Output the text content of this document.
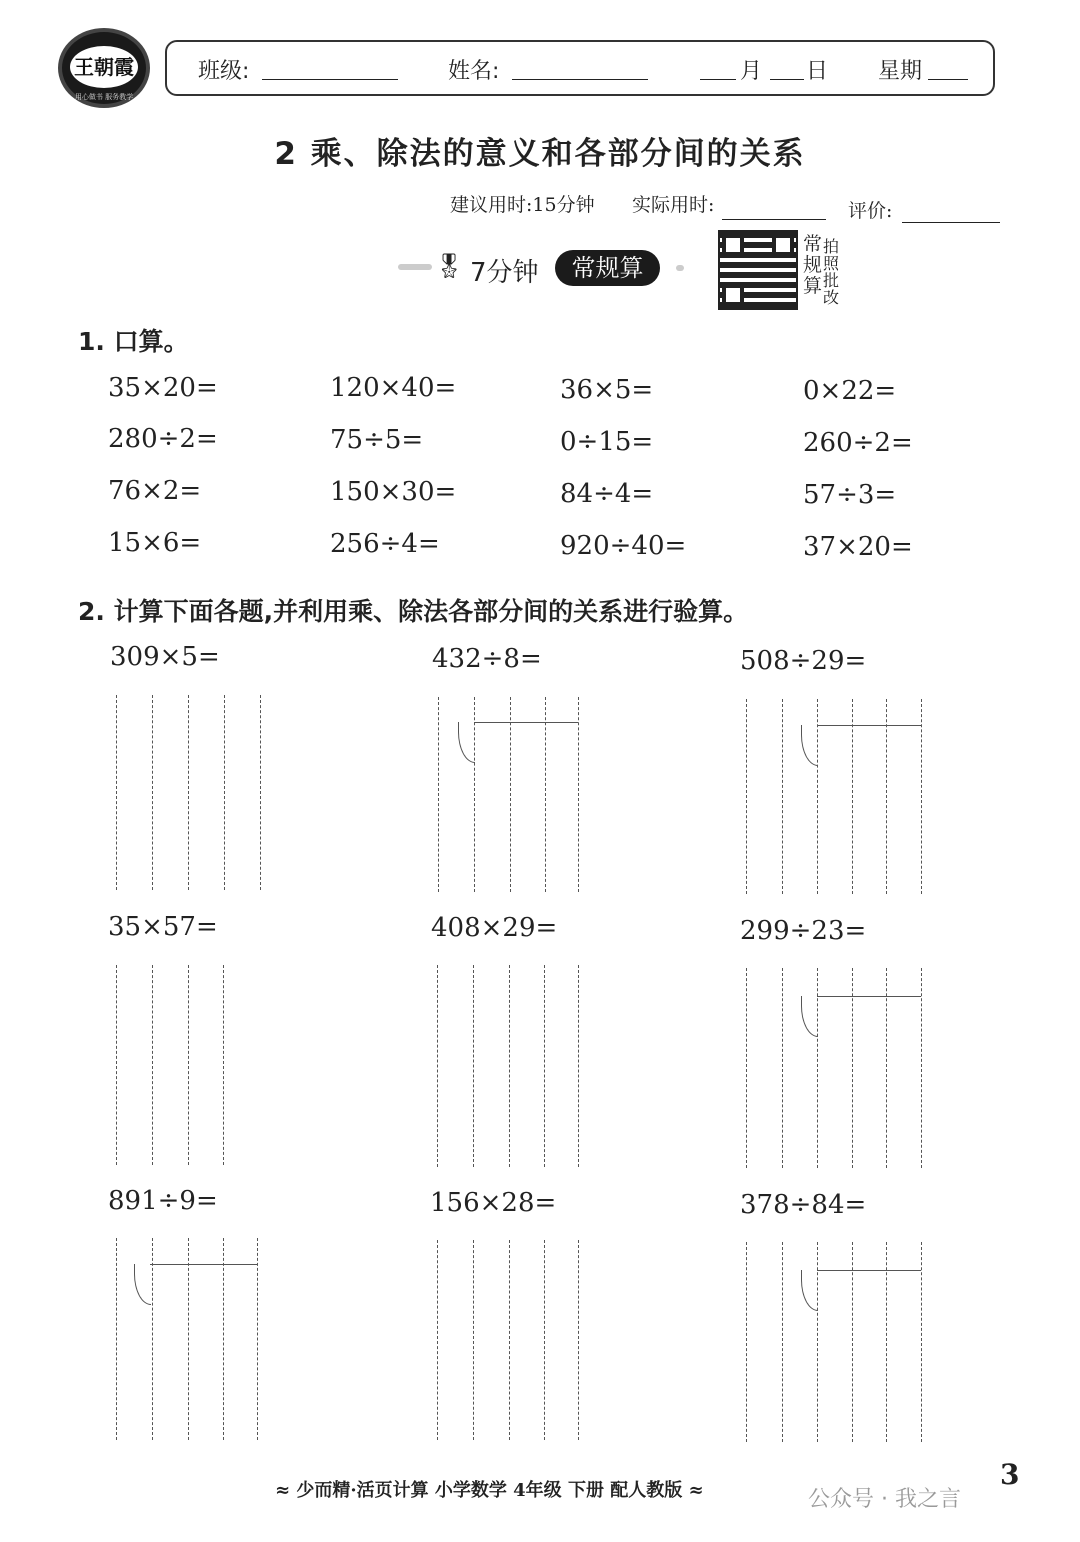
王朝霞
用心做书 服务教学
班级:	姓名:	月 日 星期
2 乘、除法的意义和各部分间的关系
建议用时:15分钟 实际用时:	评价:
🎖︎ 7分钟	常规算
常规算
拍照批改
1. 口算。
35×20=	120×40=	36×5=	0×22=
280÷2=	75÷5=	0÷15=	260÷2=
76×2=	150×30=	84÷4=	57÷3=
15×6=	256÷4=	920÷40=	37×20=
2. 计算下面各题,并利用乘、除法各部分间的关系进行验算。
309×5=	432÷8=	508÷29=
35×57=	408×29=	299÷23=
891÷9=	156×28=	378÷84=
≈ 少而精·活页计算 小学数学 4年级 下册 配人教版 ≈	3
公众号 · 我之言
